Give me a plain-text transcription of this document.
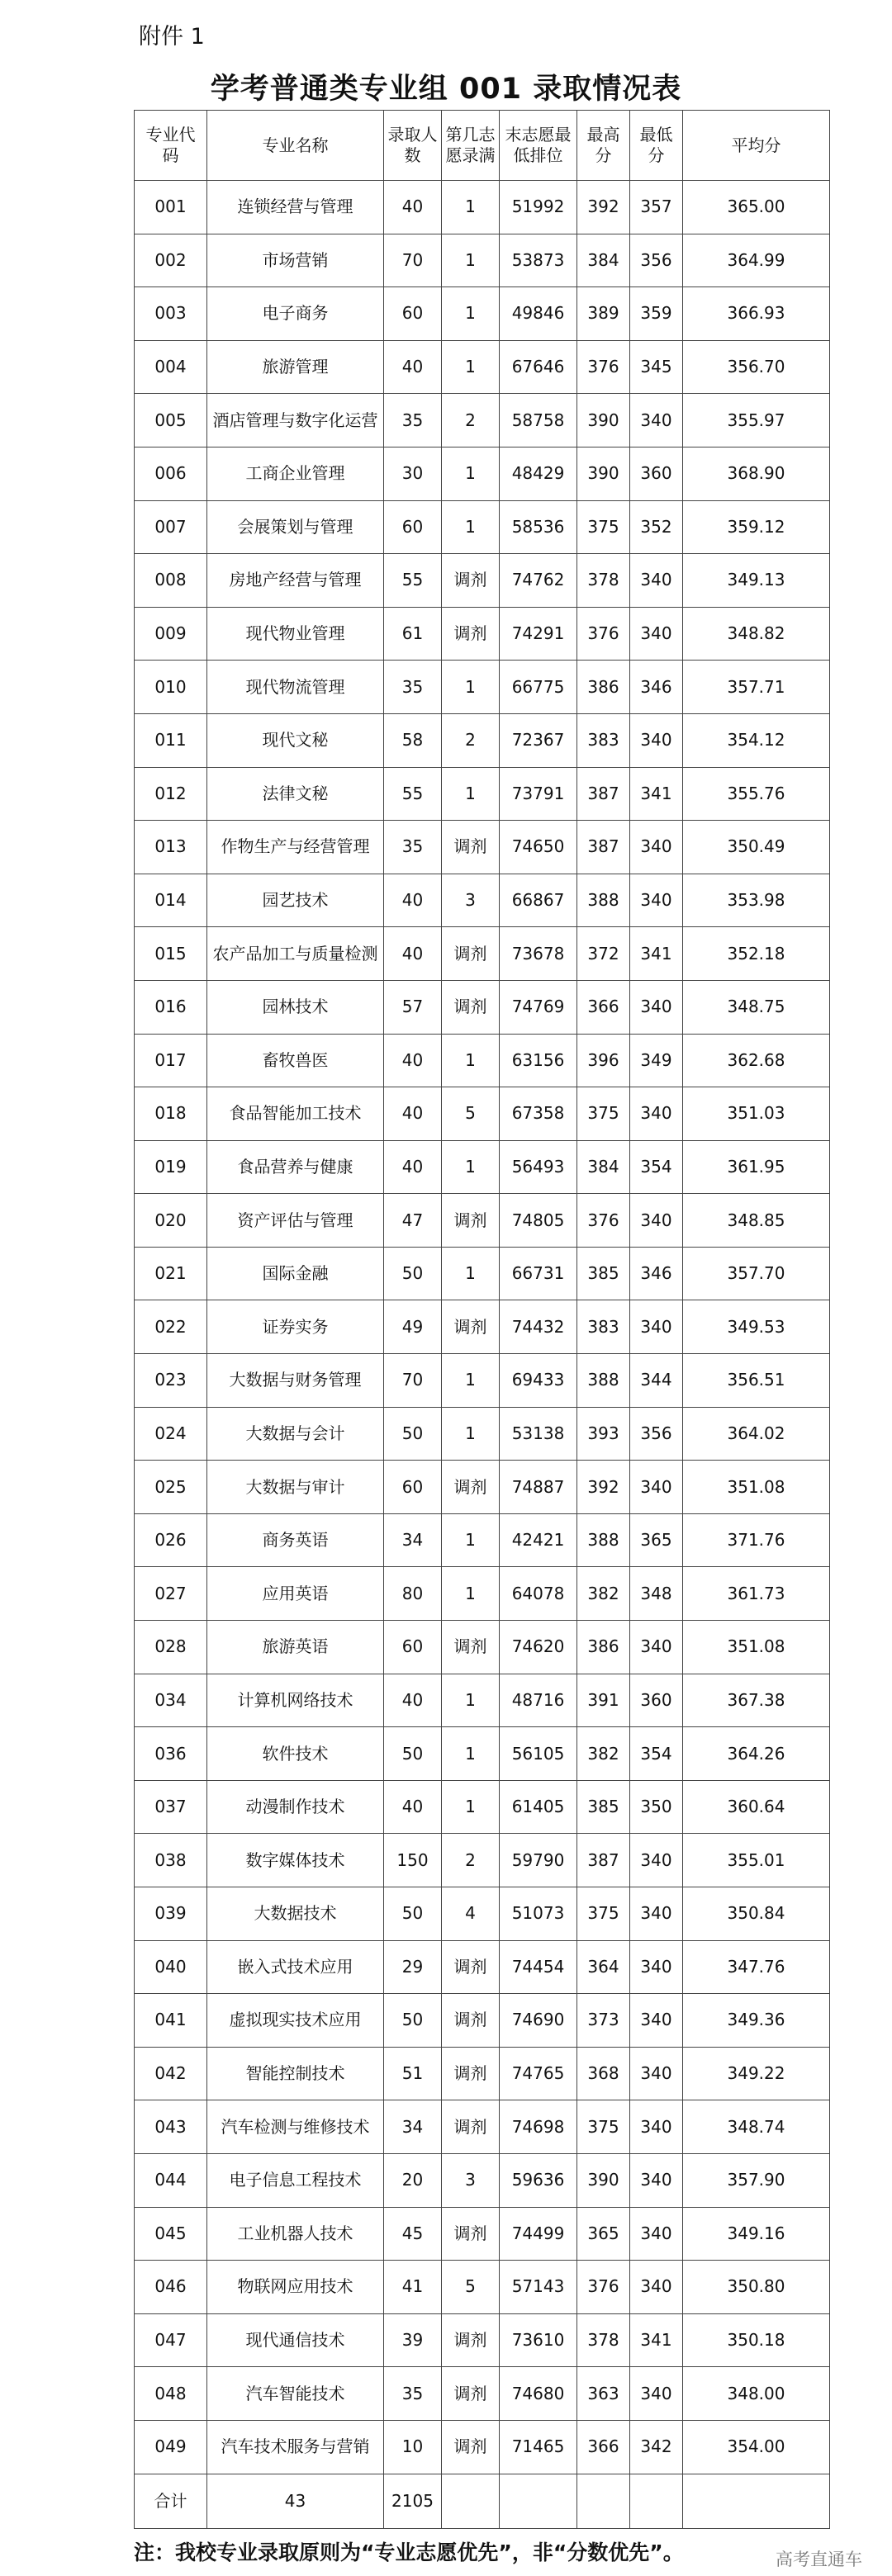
附件 1
学考普通类专业组 001 录取情况表
专业代码	专业名称	录取人数	第几志愿录满	末志愿最低排位	最高分	最低分	平均分
001	连锁经营与管理	40	1	51992	392	357	365.00
002	市场营销	70	1	53873	384	356	364.99
003	电子商务	60	1	49846	389	359	366.93
004	旅游管理	40	1	67646	376	345	356.70
005	酒店管理与数字化运营	35	2	58758	390	340	355.97
006	工商企业管理	30	1	48429	390	360	368.90
007	会展策划与管理	60	1	58536	375	352	359.12
008	房地产经营与管理	55	调剂	74762	378	340	349.13
009	现代物业管理	61	调剂	74291	376	340	348.82
010	现代物流管理	35	1	66775	386	346	357.71
011	现代文秘	58	2	72367	383	340	354.12
012	法律文秘	55	1	73791	387	341	355.76
013	作物生产与经营管理	35	调剂	74650	387	340	350.49
014	园艺技术	40	3	66867	388	340	353.98
015	农产品加工与质量检测	40	调剂	73678	372	341	352.18
016	园林技术	57	调剂	74769	366	340	348.75
017	畜牧兽医	40	1	63156	396	349	362.68
018	食品智能加工技术	40	5	67358	375	340	351.03
019	食品营养与健康	40	1	56493	384	354	361.95
020	资产评估与管理	47	调剂	74805	376	340	348.85
021	国际金融	50	1	66731	385	346	357.70
022	证券实务	49	调剂	74432	383	340	349.53
023	大数据与财务管理	70	1	69433	388	344	356.51
024	大数据与会计	50	1	53138	393	356	364.02
025	大数据与审计	60	调剂	74887	392	340	351.08
026	商务英语	34	1	42421	388	365	371.76
027	应用英语	80	1	64078	382	348	361.73
028	旅游英语	60	调剂	74620	386	340	351.08
034	计算机网络技术	40	1	48716	391	360	367.38
036	软件技术	50	1	56105	382	354	364.26
037	动漫制作技术	40	1	61405	385	350	360.64
038	数字媒体技术	150	2	59790	387	340	355.01
039	大数据技术	50	4	51073	375	340	350.84
040	嵌入式技术应用	29	调剂	74454	364	340	347.76
041	虚拟现实技术应用	50	调剂	74690	373	340	349.36
042	智能控制技术	51	调剂	74765	368	340	349.22
043	汽车检测与维修技术	34	调剂	74698	375	340	348.74
044	电子信息工程技术	20	3	59636	390	340	357.90
045	工业机器人技术	45	调剂	74499	365	340	349.16
046	物联网应用技术	41	5	57143	376	340	350.80
047	现代通信技术	39	调剂	73610	378	341	350.18
048	汽车智能技术	35	调剂	74680	363	340	348.00
049	汽车技术服务与营销	10	调剂	71465	366	342	354.00
合计	43	2105					
注：我校专业录取原则为“专业志愿优先”，非“分数优先”。	高考直通车
